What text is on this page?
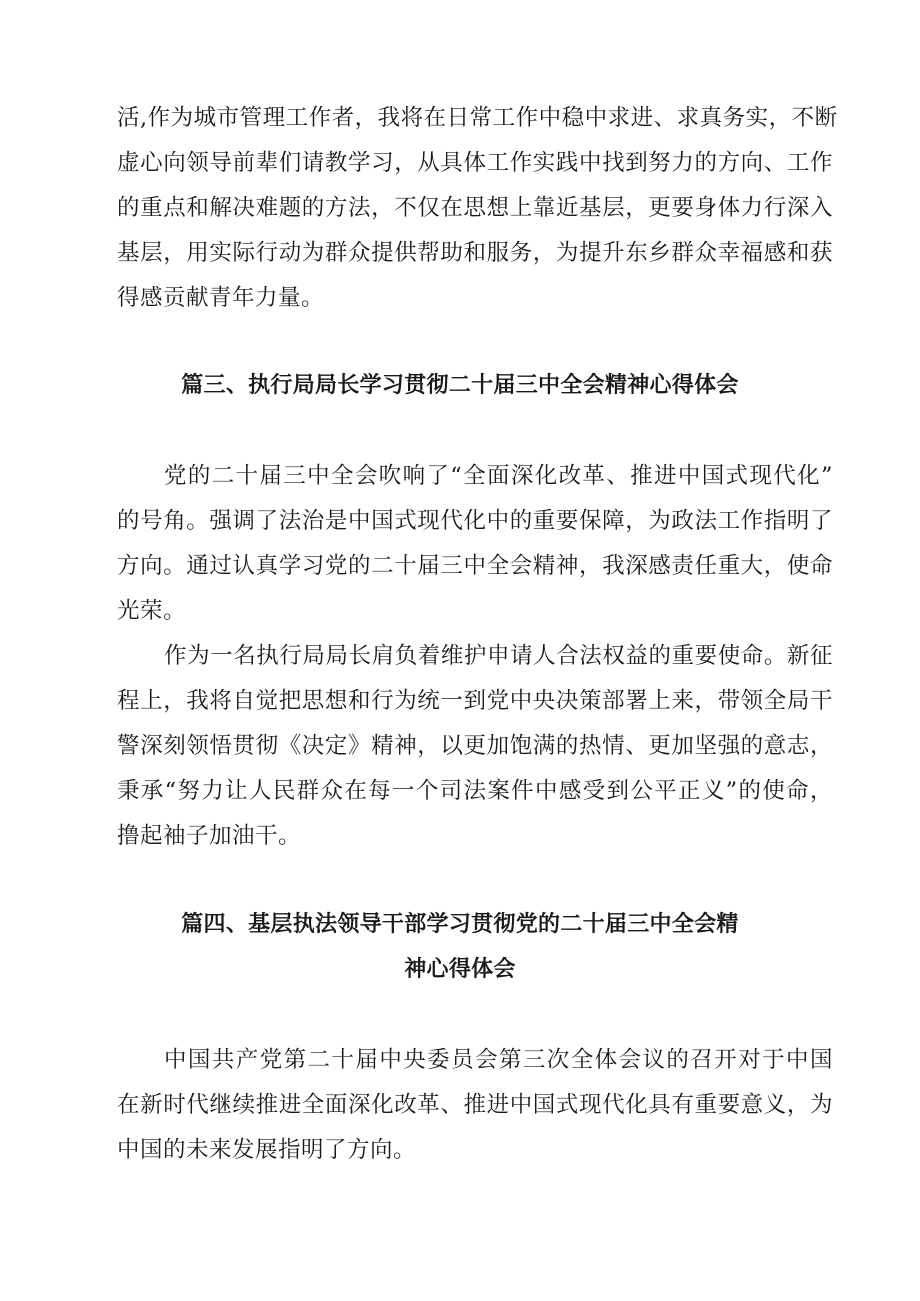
活,作为城市管理工作者，我将在日常工作中稳中求进、求真务实，不断
虚心向领导前辈们请教学习，从具体工作实践中找到努力的方向、工作
的重点和解决难题的方法，不仅在思想上靠近基层，更要身体力行深入
基层，用实际行动为群众提供帮助和服务，为提升东乡群众幸福感和获
得感贡献青年力量。
篇三、执行局局长学习贯彻二十届三中全会精神心得体会
党的二十届三中全会吹响了“全面深化改革、推进中国式现代化”
的号角。强调了法治是中国式现代化中的重要保障，为政法工作指明了
方向。通过认真学习党的二十届三中全会精神，我深感责任重大，使命
光荣。
作为一名执行局局长肩负着维护申请人合法权益的重要使命。新征
程上，我将自觉把思想和行为统一到党中央决策部署上来，带领全局干
警深刻领悟贯彻《决定》精神，以更加饱满的热情、更加坚强的意志，
秉承“努力让人民群众在每一个司法案件中感受到公平正义”的使命，
撸起袖子加油干。
篇四、基层执法领导干部学习贯彻党的二十届三中全会精
神心得体会
中国共产党第二十届中央委员会第三次全体会议的召开对于中国
在新时代继续推进全面深化改革、推进中国式现代化具有重要意义，为
中国的未来发展指明了方向。
